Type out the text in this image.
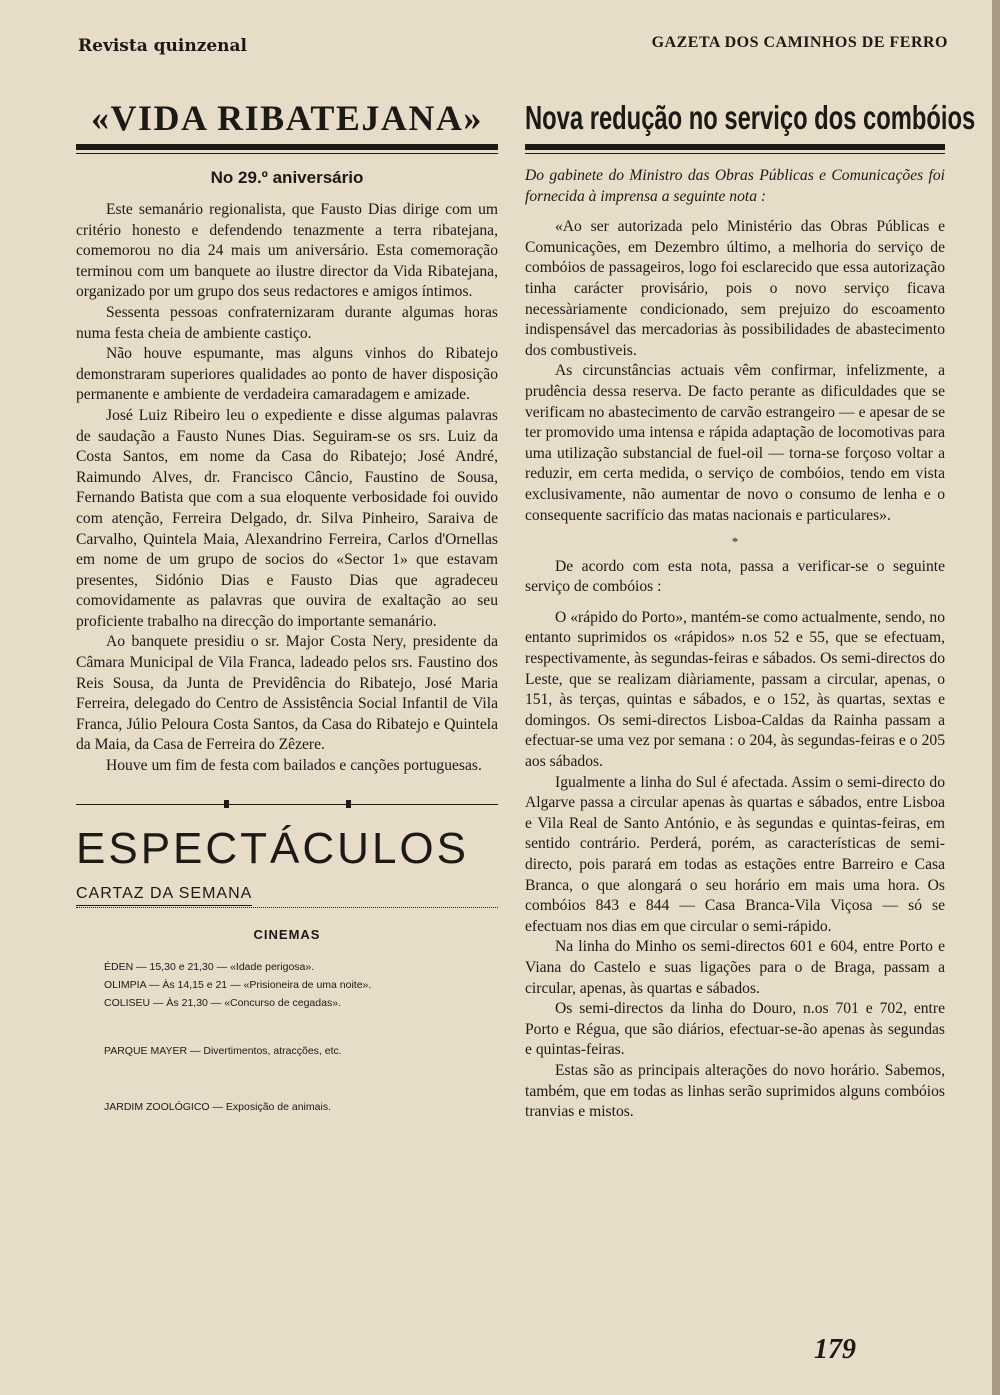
Revista quinzenal	GAZETA DOS CAMINHOS DE FERRO
«VIDA RIBATEJANA»
No 29.º aniversário

Este semanário regionalista, que Fausto Dias dirige com um critério honesto e defendendo tenazmente a terra ribatejana, comemorou no dia 24 mais um aniversário. Esta comemoração terminou com um banquete ao ilustre director da Vida Ribatejana, organizado por um grupo dos seus redactores e amigos íntimos.

Sessenta pessoas confraternizaram durante algumas horas numa festa cheia de ambiente castiço.

Não houve espumante, mas alguns vinhos do Ribatejo demonstraram superiores qualidades ao ponto de haver disposição permanente e ambiente de verdadeira camaradagem e amizade.

José Luiz Ribeiro leu o expediente e disse algumas palavras de saudação a Fausto Nunes Dias. Seguiram-se os srs. Luiz da Costa Santos, em nome da Casa do Ribatejo; José André, Raimundo Alves, dr. Francisco Câncio, Faustino de Sousa, Fernando Batista que com a sua eloquente verbosidade foi ouvido com atenção, Ferreira Delgado, dr. Silva Pinheiro, Saraiva de Carvalho, Quintela Maia, Alexandrino Ferreira, Carlos d'Ornellas em nome de um grupo de socios do «Sector 1» que estavam presentes, Sidónio Dias e Fausto Dias que agradeceu comovidamente as palavras que ouvira de exaltação ao seu proficiente trabalho na direcção do importante semanário.

Ao banquete presidiu o sr. Major Costa Nery, presidente da Câmara Municipal de Vila Franca, ladeado pelos srs. Faustino dos Reis Sousa, da Junta de Previdência do Ribatejo, José Maria Ferreira, delegado do Centro de Assistência Social Infantil de Vila Franca, Júlio Peloura Costa Santos, da Casa do Ribatejo e Quintela da Maia, da Casa de Ferreira do Zêzere.

Houve um fim de festa com bailados e canções portuguesas.

ESPECTÁCULOS
CARTAZ DA SEMANA
CINEMAS
ÉDEN — 15,30 e 21,30 — «Idade perigosa».
OLIMPIA — Às 14,15 e 21 — «Prisioneira de uma noite».
COLISEU — Às 21,30 — «Concurso de cegadas».
PARQUE MAYER — Divertimentos, atracções, etc.
JARDIM ZOOLÓGICO — Exposição de animais.
Nova redução no serviço dos combóios

Do gabinete do Ministro das Obras Públicas e Comunicações foi fornecida à imprensa a seguinte nota :

«Ao ser autorizada pelo Ministério das Obras Públicas e Comunicações, em Dezembro último, a melhoria do serviço de combóios de passageiros, logo foi esclarecido que essa autorização tinha carácter provisário, pois o novo serviço ficava necessàriamente condicionado, sem prejuizo do escoamento indispensável das mercadorias às possibilidades de abastecimento dos combustiveis.

As circunstâncias actuais vêm confirmar, infelizmente, a prudência dessa reserva. De facto perante as dificuldades que se verificam no abastecimento de carvão estrangeiro — e apesar de se ter promovido uma intensa e rápida adaptação de locomotivas para uma utilização substancial de fuel-oil — torna-se forçoso voltar a reduzir, em certa medida, o serviço de combóios, tendo em vista exclusivamente, não aumentar de novo o consumo de lenha e o consequente sacrifício das matas nacionais e particulares».

*

De acordo com esta nota, passa a verificar-se o seguinte serviço de combóios :

O «rápido do Porto», mantém-se como actualmente, sendo, no entanto suprimidos os «rápidos» n.os 52 e 55, que se efectuam, respectivamente, às segundas-feiras e sábados. Os semi-directos do Leste, que se realizam diàriamente, passam a circular, apenas, o 151, às terças, quintas e sábados, e o 152, às quartas, sextas e domingos. Os semi-directos Lisboa-Caldas da Rainha passam a efectuar-se uma vez por semana : o 204, às segundas-feiras e o 205 aos sábados.

Igualmente a linha do Sul é afectada. Assim o semi-directo do Algarve passa a circular apenas às quartas e sábados, entre Lisboa e Vila Real de Santo António, e às segundas e quintas-feiras, em sentido contrário. Perderá, porém, as características de semi-directo, pois parará em todas as estações entre Barreiro e Casa Branca, o que alongará o seu horário em mais uma hora. Os combóios 843 e 844 — Casa Branca-Vila Viçosa — só se efectuam nos dias em que circular o semi-rápido.

Na linha do Minho os semi-directos 601 e 604, entre Porto e Viana do Castelo e suas ligações para o de Braga, passam a circular, apenas, às quartas e sábados.

Os semi-directos da linha do Douro, n.os 701 e 702, entre Porto e Régua, que são diários, efectuar-se-ão apenas às segundas e quintas-feiras.

Estas são as principais alterações do novo horário. Sabemos, também, que em todas as linhas serão suprimidos alguns combóios tranvias e mistos.

179
